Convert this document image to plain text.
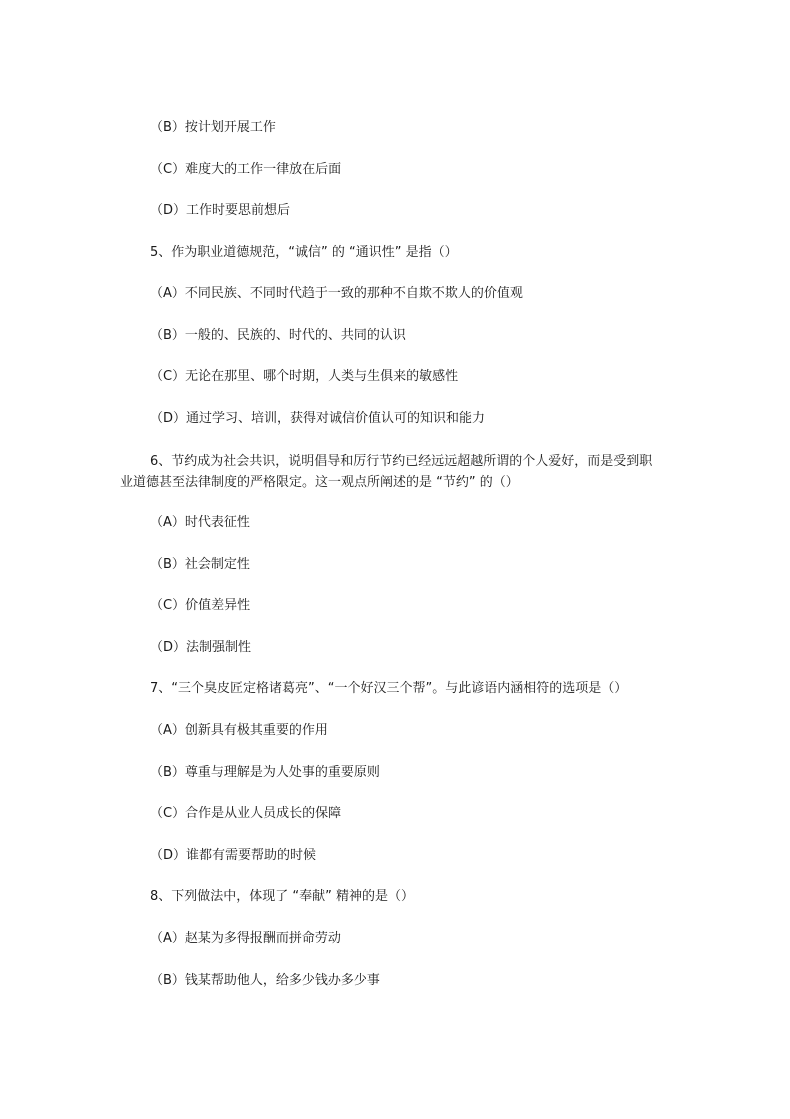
（B）按计划开展工作
（C）难度大的工作一律放在后面
（D）工作时要思前想后
5、作为职业道德规范，“诚信” 的 “通识性” 是指（）
（A）不同民族、不同时代趋于一致的那种不自欺不欺人的价值观
（B）一般的、民族的、时代的、共同的认识
（C）无论在那里、哪个时期，人类与生俱来的敏感性
（D）通过学习、培训，获得对诚信价值认可的知识和能力
6、节约成为社会共识，说明倡导和厉行节约已经远远超越所谓的个人爱好，而是受到职业道德甚至法律制度的严格限定。这一观点所阐述的是 “节约” 的（）
（A）时代表征性
（B）社会制定性
（C）价值差异性
（D）法制强制性
7、“三个臭皮匠定格诸葛亮”、“一个好汉三个帮”。与此谚语内涵相符的选项是（）
（A）创新具有极其重要的作用
（B）尊重与理解是为人处事的重要原则
（C）合作是从业人员成长的保障
（D）谁都有需要帮助的时候
8、下列做法中，体现了 “奉献” 精神的是（）
（A）赵某为多得报酬而拼命劳动
（B）钱某帮助他人，给多少钱办多少事
